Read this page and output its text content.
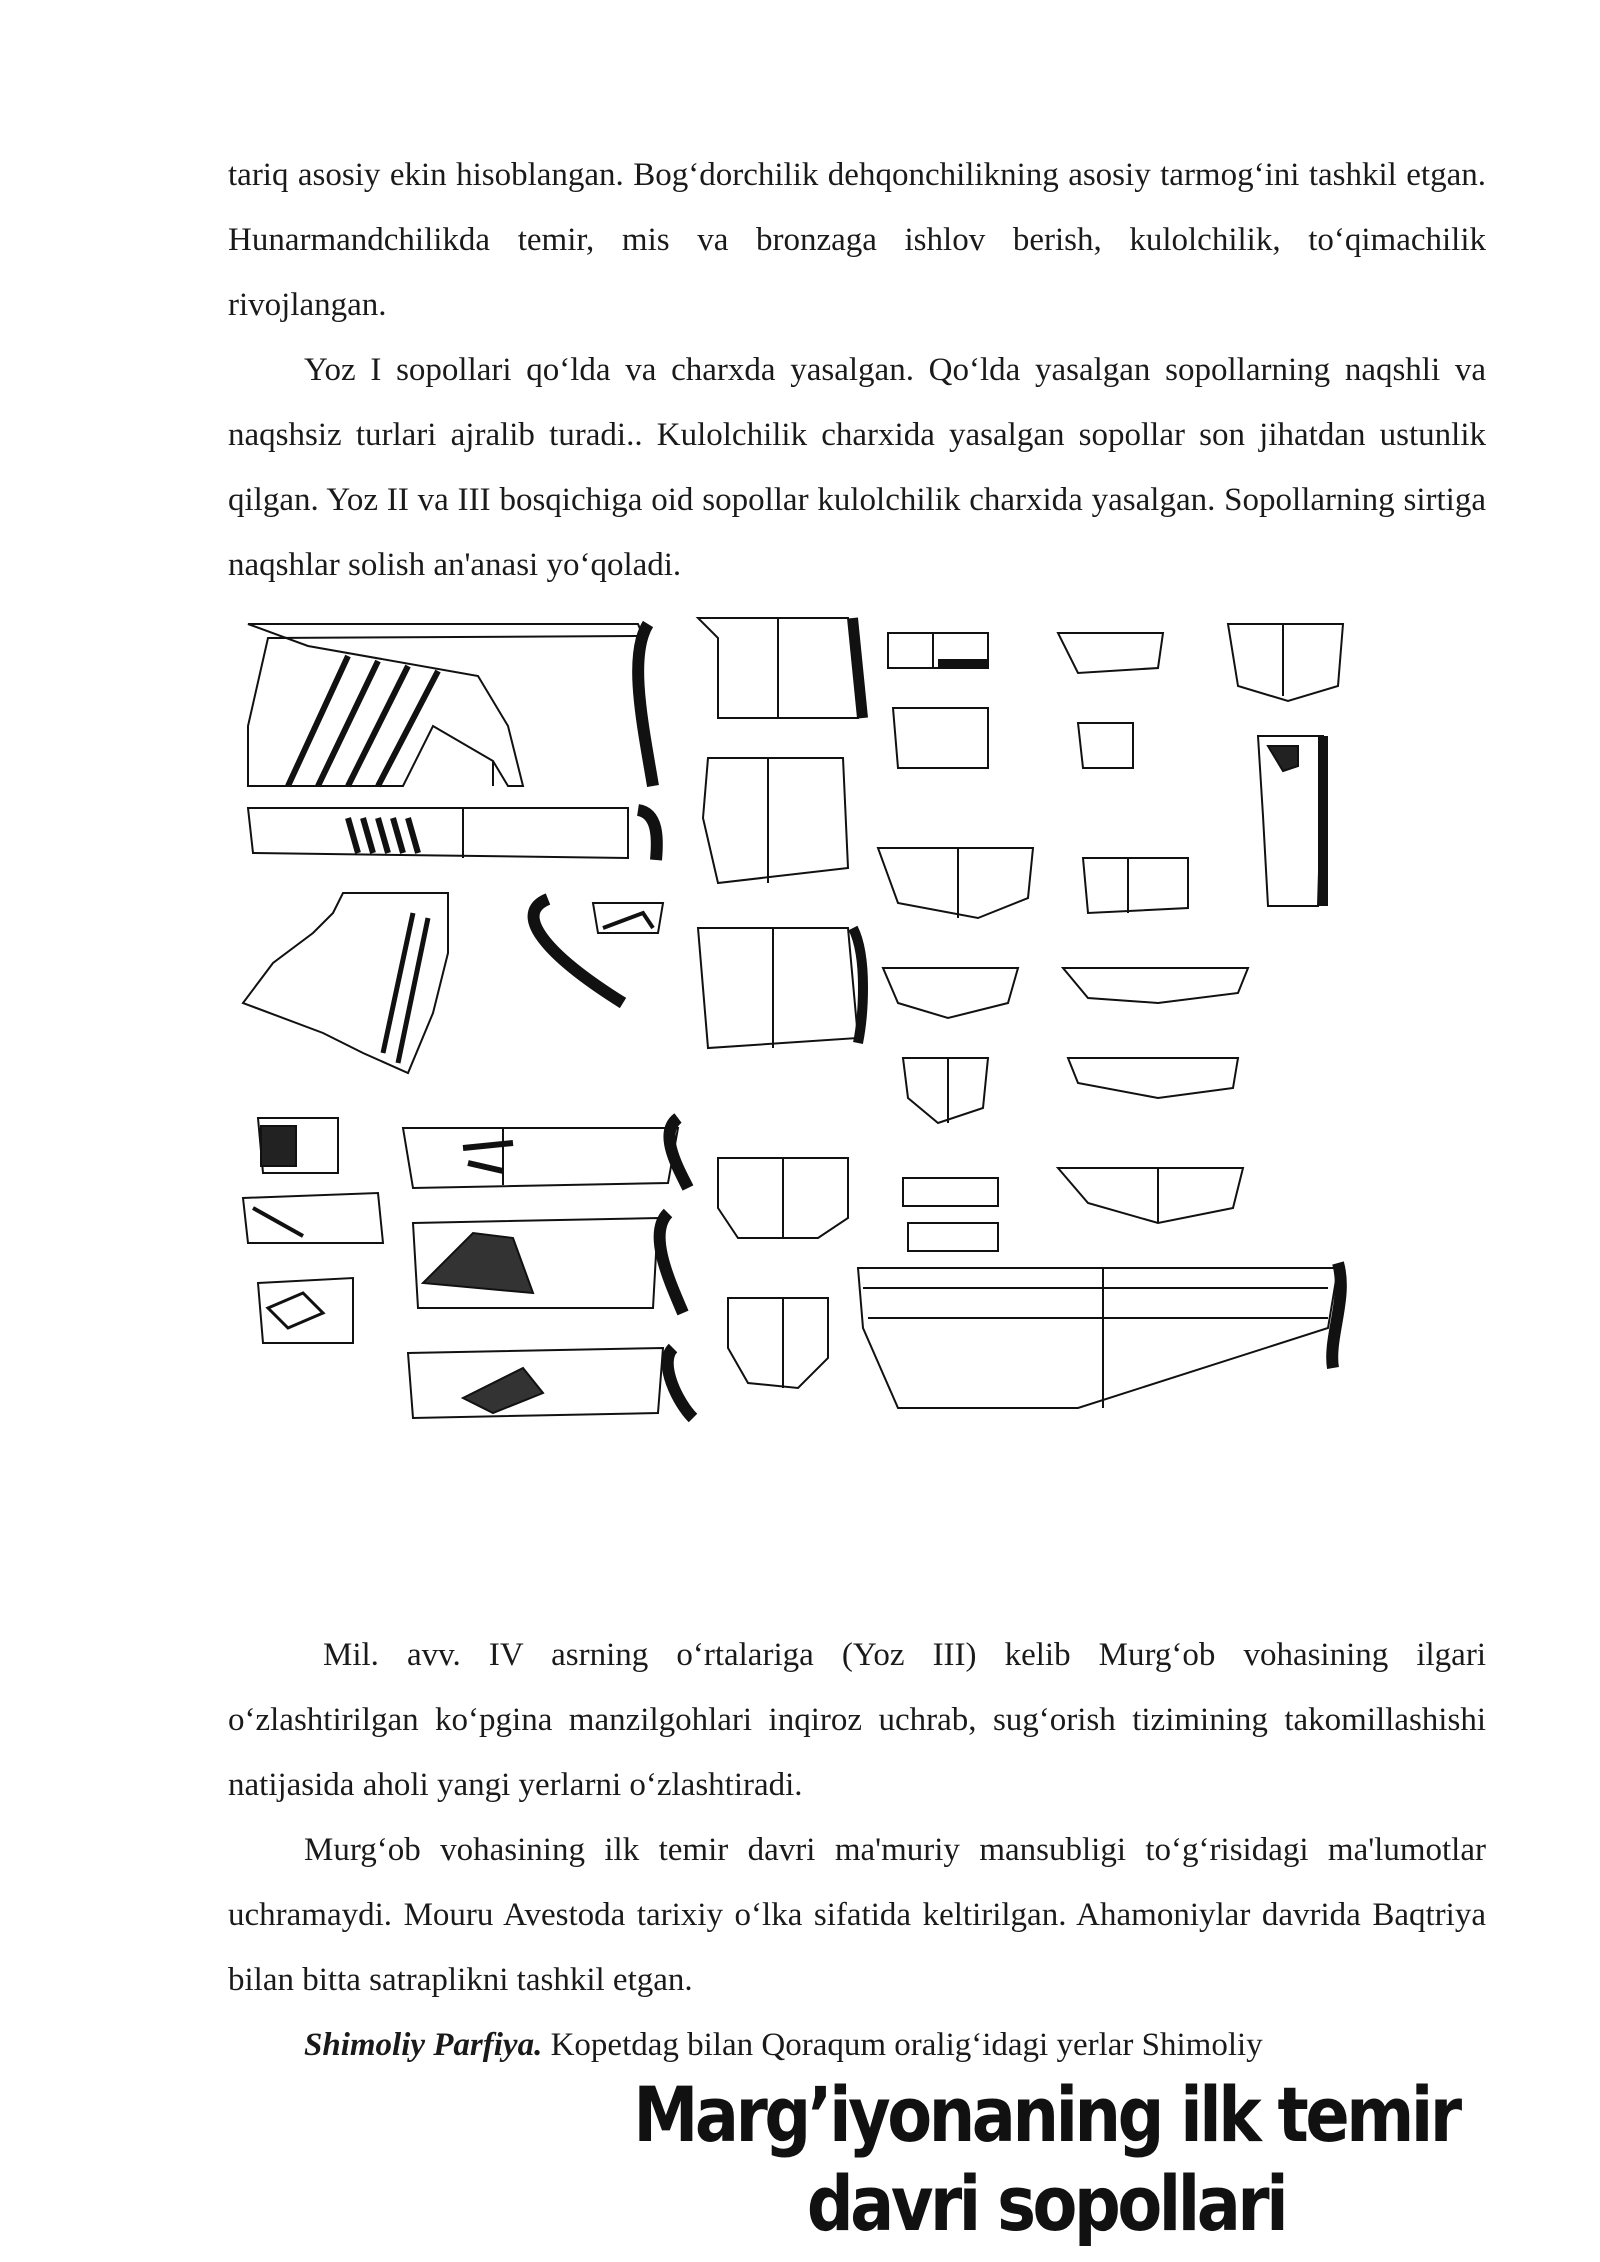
tariq asosiy ekin hisoblangan. Bog‘dorchilik dehqonchilikning asosiy tarmog‘ini tashkil etgan. Hunarmandchilikda temir, mis va bronzaga ishlov berish, kulolchilik, to‘qimachilik rivojlangan.

Yoz I sopollari qo‘lda va charxda yasalgan. Qo‘lda yasalgan sopollarning naqshli va naqshsiz turlari ajralib turadi.. Kulolchilik charxida yasalgan sopollar son jihatdan ustunlik qilgan. Yoz II va III bosqichiga oid sopollar kulolchilik charxida yasalgan. Sopollarning sirtiga naqshlar solish an'anasi yo‘qoladi.

Marg’iyonaning ilk temir davri sopollari

Mil. avv. IV asrning o‘rtalariga (Yoz III) kelib Murg‘ob vohasining ilgari o‘zlashtirilgan ko‘pgina manzilgohlari inqiroz uchrab, sug‘orish tizimining takomillashishi natijasida aholi yangi yerlarni o‘zlashtiradi.

Murg‘ob vohasining ilk temir davri ma'muriy mansubligi to‘g‘risidagi ma'lumotlar uchramaydi. Mouru Avestoda tarixiy o‘lka sifatida keltirilgan. Ahamoniylar davrida Baqtriya bilan bitta satraplikni tashkil etgan.

Shimoliy Parfiya. Kopetdag bilan Qoraqum oralig‘idagi yerlar Shimoliy
